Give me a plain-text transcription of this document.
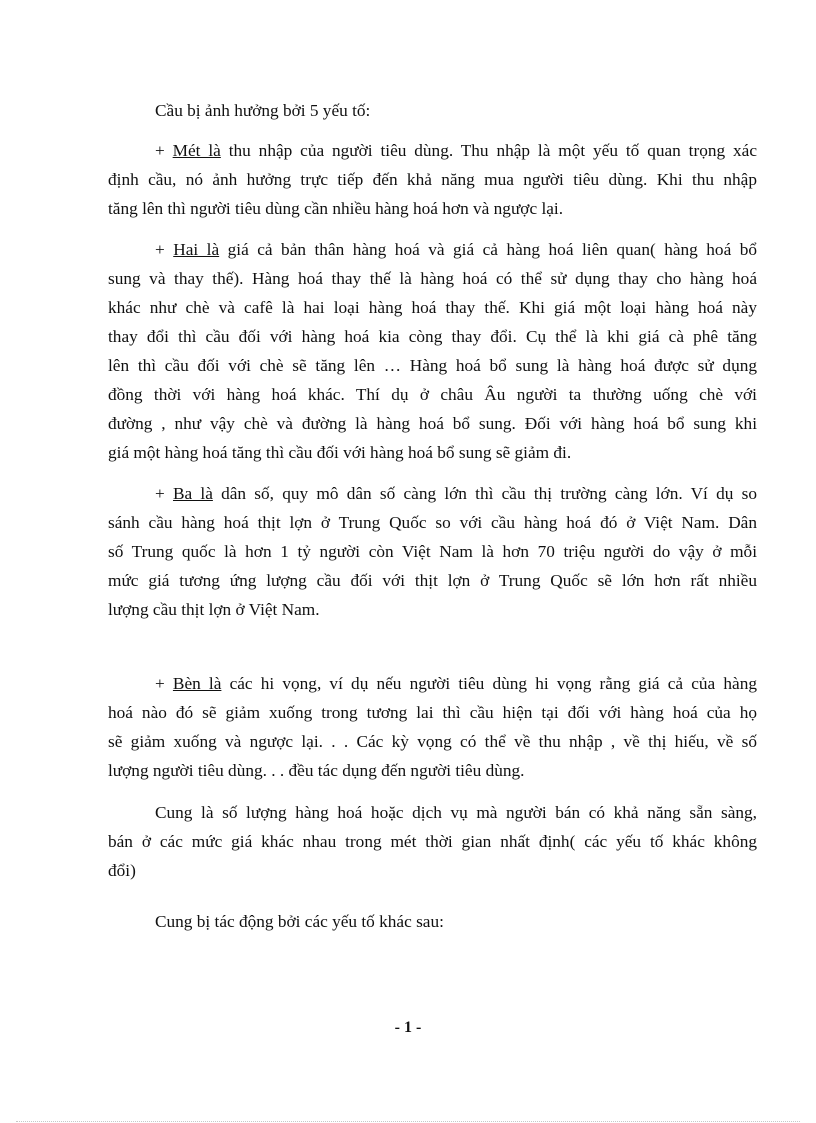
Cầu bị ảnh hưởng bởi 5 yếu tố:
+ Mét là thu nhập của người tiêu dùng. Thu nhập là một yếu tố quan trọng xác
định cầu, nó ảnh hưởng trực tiếp đến khả năng mua người tiêu dùng. Khi thu nhập
tăng lên thì người tiêu dùng cần nhiều hàng hoá hơn và ngược lại.
+ Hai là giá cả bản thân hàng hoá và giá cả hàng hoá liên quan( hàng hoá bổ
sung và thay thế). Hàng hoá thay thế là hàng hoá có thể sử dụng thay cho hàng hoá
khác như chè và cafê là hai loại hàng hoá thay thế. Khi giá một loại hàng hoá này
thay đổi thì cầu đối với hàng hoá kia còng thay đổi. Cụ thể là khi giá cà phê tăng
lên thì cầu đối với chè sẽ tăng lên … Hàng hoá bổ sung là hàng hoá được sử dụng
đồng thời với hàng hoá khác. Thí dụ ở châu Âu người ta thường uống chè với
đường , như vậy chè và đường là hàng hoá bổ sung. Đối với hàng hoá bổ sung khi
giá một hàng hoá tăng thì cầu đối với hàng hoá bổ sung sẽ giảm đi.
+ Ba là dân số, quy mô dân số càng lớn thì cầu thị trường càng lớn. Ví dụ so
sánh cầu hàng hoá thịt lợn ở Trung Quốc so với cầu hàng hoá đó ở Việt Nam. Dân
số Trung quốc là hơn 1 tỷ người còn Việt Nam là hơn 70 triệu người do vậy ở mỗi
mức giá tương ứng lượng cầu đối với thịt lợn ở Trung Quốc sẽ lớn hơn rất nhiều
lượng cầu thịt lợn ở Việt Nam.
+ Bèn là các hi vọng, ví dụ nếu người tiêu dùng hi vọng rằng giá cả của hàng
hoá nào đó sẽ giảm xuống trong tương lai thì cầu hiện tại đối với hàng hoá của họ
sẽ giảm xuống và ngược lại. . . Các kỳ vọng có thể về thu nhập , về thị hiếu, về số
lượng người tiêu dùng. . . đều tác dụng đến người tiêu dùng.
Cung là số lượng hàng hoá hoặc dịch vụ mà người bán có khả năng sẵn sàng,
bán ở các mức giá khác nhau trong mét thời gian nhất định( các yếu tố khác không
đổi)
Cung bị tác động bởi các yếu tố khác sau:
- 1 -
